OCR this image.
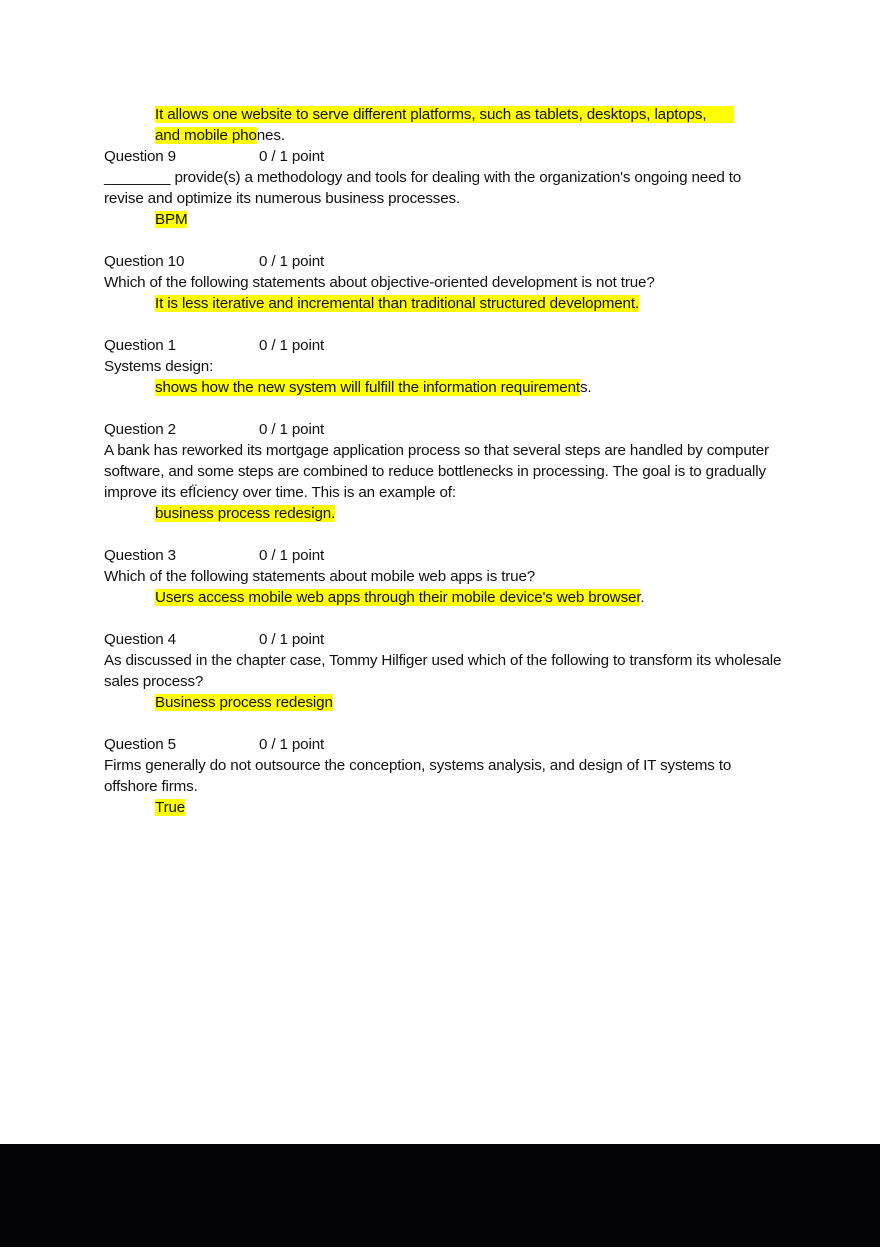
It allows one website to serve different platforms, such as tablets, desktops, laptops,
and mobile phones.
Question 9	0 / 1 point
________ provide(s) a methodology and tools for dealing with the organization's ongoing need to revise and optimize its numerous business processes.
BPM
Question 10	0 / 1 point
Which of the following statements about objective-oriented development is not true?
It is less iterative and incremental than traditional structured development.
Question 1	0 / 1 point
Systems design:
shows how the new system will fulfill the information requirements.
Question 2	0 / 1 point
A bank has reworked its mortgage application process so that several steps are handled by computer software, and some steps are combined to reduce bottlenecks in processing. The goal is to gradually improve its efÏciency over time. This is an example of:
business process redesign.
Question 3	0 / 1 point
Which of the following statements about mobile web apps is true?
Users access mobile web apps through their mobile device's web browser.
Question 4	0 / 1 point
As discussed in the chapter case, Tommy Hilfiger used which of the following to transform its wholesale sales process?
Business process redesign
Question 5	0 / 1 point
Firms generally do not outsource the conception, systems analysis, and design of IT systems to offshore firms.
True
